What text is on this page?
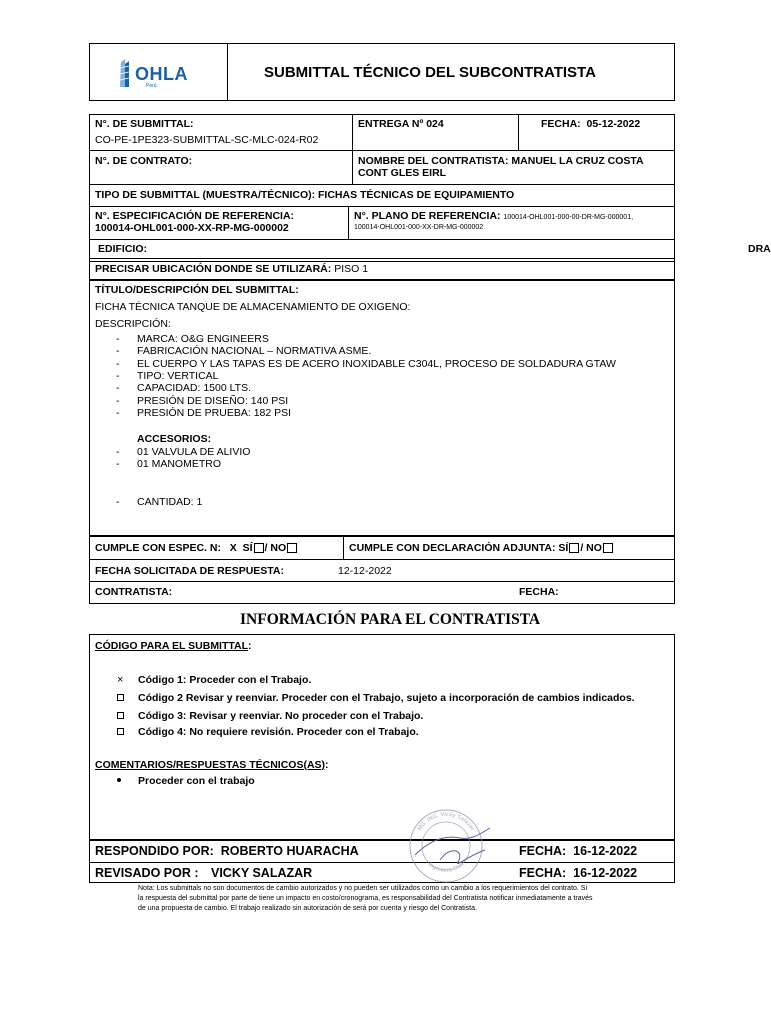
OHLA
Perú
SUBMITTAL TÉCNICO DEL SUBCONTRATISTA
N°. DE SUBMITTAL:
CO-PE-1PE323-SUBMITTAL-SC-MLC-024-R02
ENTREGA Nº 024	FECHA: 05-12-2022
N°. DE CONTRATO:	NOMBRE DEL CONTRATISTA: MANUEL LA CRUZ COSTA
CONT GLES EIRL
TIPO DE SUBMITTAL (MUESTRA/TÉCNICO): FICHAS TÉCNICAS DE EQUIPAMIENTO
N°. ESPECIFICACIÓN DE REFERENCIA:
100014-OHL001-000-XX-RP-MG-000002
N°. PLANO DE REFERENCIA: 100014-OHL001-000-00-DR-MG-000001,
100014-OHL001-000-XX-DR-MG-000002
EDIFICIO:	DRA
PRECISAR UBICACIÓN DONDE SE UTILIZARÁ: PISO 1
TÍTULO/DESCRIPCIÓN DEL SUBMITTAL:
FICHA TÉCNICA TANQUE DE ALMACENAMIENTO DE OXIGENO:
DESCRIPCIÓN:
- MARCA: O&G ENGINEERS
- FABRICACIÓN NACIONAL – NORMATIVA ASME.
- EL CUERPO Y LAS TAPAS ES DE ACERO INOXIDABLE C304L, PROCESO DE SOLDADURA GTAW
- TIPO: VERTICAL
- CAPACIDAD: 1500 LTS.
- PRESIÓN DE DISEÑO: 140 PSI
- PRESIÓN DE PRUEBA: 182 PSI
ACCESORIOS:
- 01 VALVULA DE ALIVIO
- 01 MANOMETRO
- CANTIDAD: 1
CUMPLE CON ESPEC. N:   X  SÍ / NO	CUMPLE CON DECLARACIÓN ADJUNTA: SÍ / NO
FECHA SOLICITADA DE RESPUESTA:	12-12-2022
CONTRATISTA:	FECHA:
INFORMACIÓN PARA EL CONTRATISTA
CÓDIGO PARA EL SUBMITTAL:
× Código 1: Proceder con el Trabajo.
Código 2 Revisar y reenviar. Proceder con el Trabajo, sujeto a incorporación de cambios indicados.
Código 3: Revisar y reenviar. No proceder con el Trabajo.
Código 4: No requiere revisión. Proceder con el Trabajo.
COMENTARIOS/RESPUESTAS TÉCNICOS(AS):
Proceder con el trabajo
RESPONDIDO POR: ROBERTO HUARACHA	FECHA: 16-12-2022
REVISADO POR : VICKY SALAZAR	FECHA: 16-12-2022
MG. ING. Vicky Salazar
Ingeniera Civil
Nota: Los submittals no son documentos de cambio autorizados y no pueden ser utilizados como un cambio a los requerimientos del contrato. Si
la respuesta del submittal por parte de tiene un impacto en costo/cronograma, es responsabilidad del Contratista notificar inmediatamente a través
de una propuesta de cambio. El trabajo realizado sin autorización de será por cuenta y riesgo del Contratista.
